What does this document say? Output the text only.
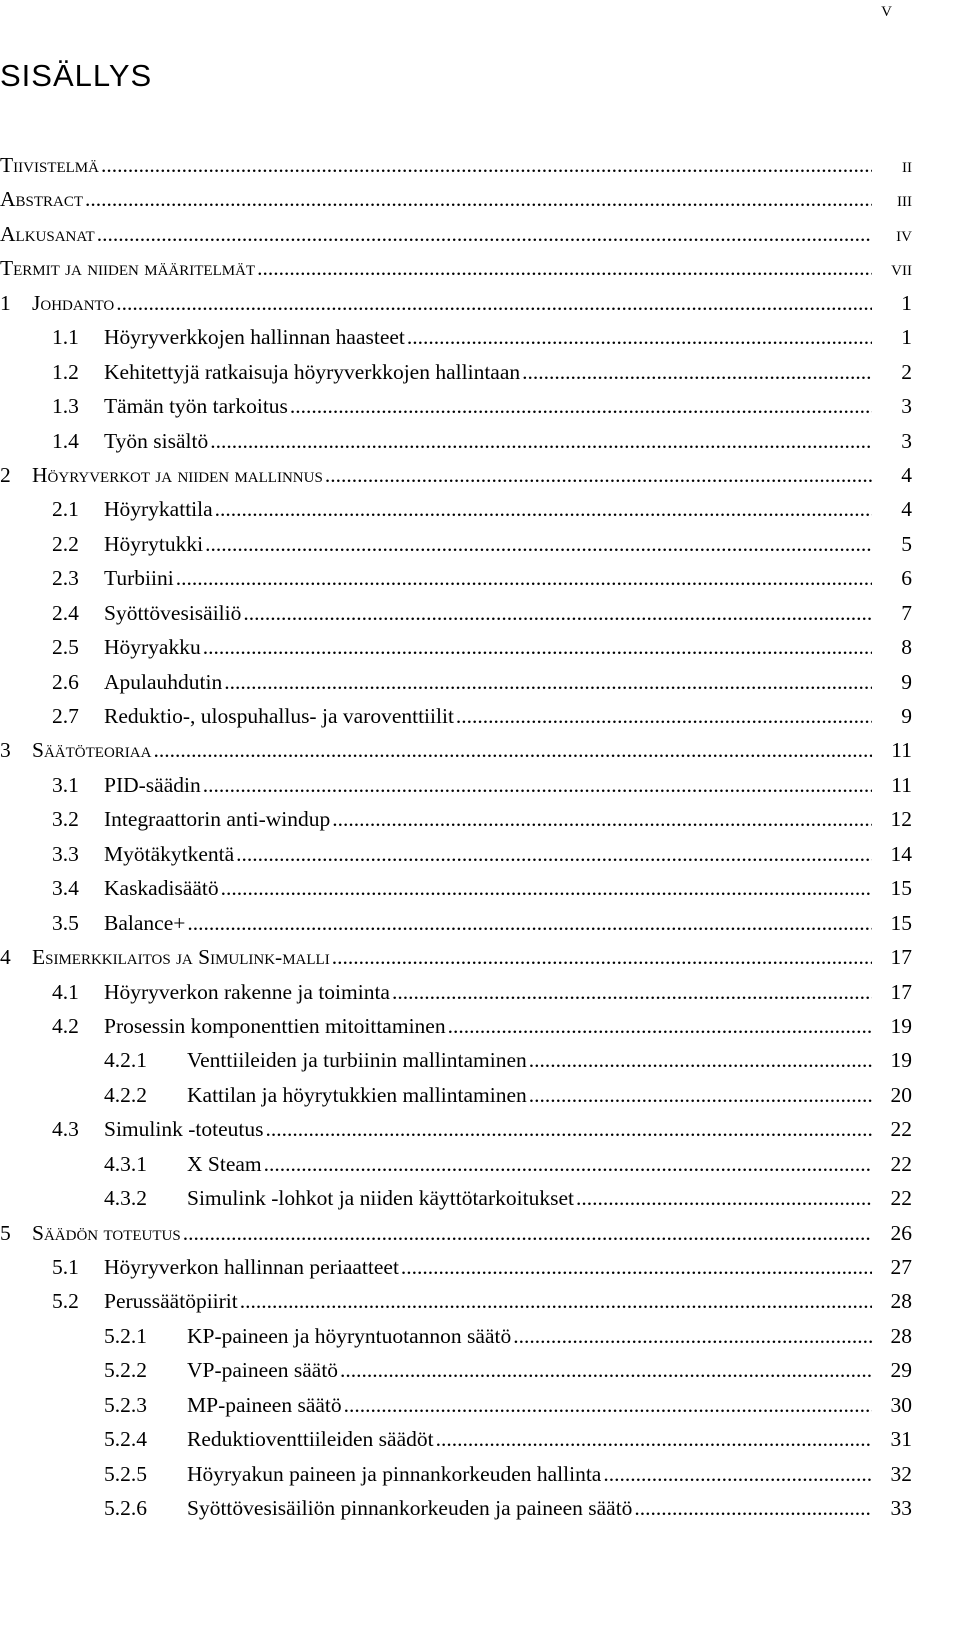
v
SISÄLLYS
Tiivistelmä .....	ii
Abstract .....	iii
Alkusanat .....	iv
Termit ja niiden määritelmät .....	vii
1 Johdanto .....	1
1.1 Höyryverkkojen hallinnan haasteet .....	1
1.2 Kehitettyjä ratkaisuja höyryverkkojen hallintaan .....	2
1.3 Tämän työn tarkoitus .....	3
1.4 Työn sisältö .....	3
2 Höyryverkot ja niiden mallinnus .....	4
2.1 Höyrykattila .....	4
2.2 Höyrytukki .....	5
2.3 Turbiini .....	6
2.4 Syöttövesisäiliö .....	7
2.5 Höyryakku .....	8
2.6 Apulauhdutin .....	9
2.7 Reduktio-, ulospuhallus- ja varoventtiilit .....	9
3 Säätöteoriaa .....	11
3.1 PID-säädin .....	11
3.2 Integraattorin anti-windup .....	12
3.3 Myötäkytkentä .....	14
3.4 Kaskadisäätö .....	15
3.5 Balance+ .....	15
4 Esimerkkilaitos ja Simulink-malli .....	17
4.1 Höyryverkon rakenne ja toiminta .....	17
4.2 Prosessin komponenttien mitoittaminen .....	19
4.2.1 Venttiileiden ja turbiinin mallintaminen .....	19
4.2.2 Kattilan ja höyrytukkien mallintaminen .....	20
4.3 Simulink -toteutus .....	22
4.3.1 X Steam .....	22
4.3.2 Simulink -lohkot ja niiden käyttötarkoitukset .....	22
5 Säädön toteutus .....	26
5.1 Höyryverkon hallinnan periaatteet .....	27
5.2 Perussäätöpiirit .....	28
5.2.1 KP-paineen ja höyryntuotannon säätö .....	28
5.2.2 VP-paineen säätö .....	29
5.2.3 MP-paineen säätö .....	30
5.2.4 Reduktioventtiileiden säädöt .....	31
5.2.5 Höyryakun paineen ja pinnankorkeuden hallinta .....	32
5.2.6 Syöttövesisäiliön pinnankorkeuden ja paineen säätö .....	33
